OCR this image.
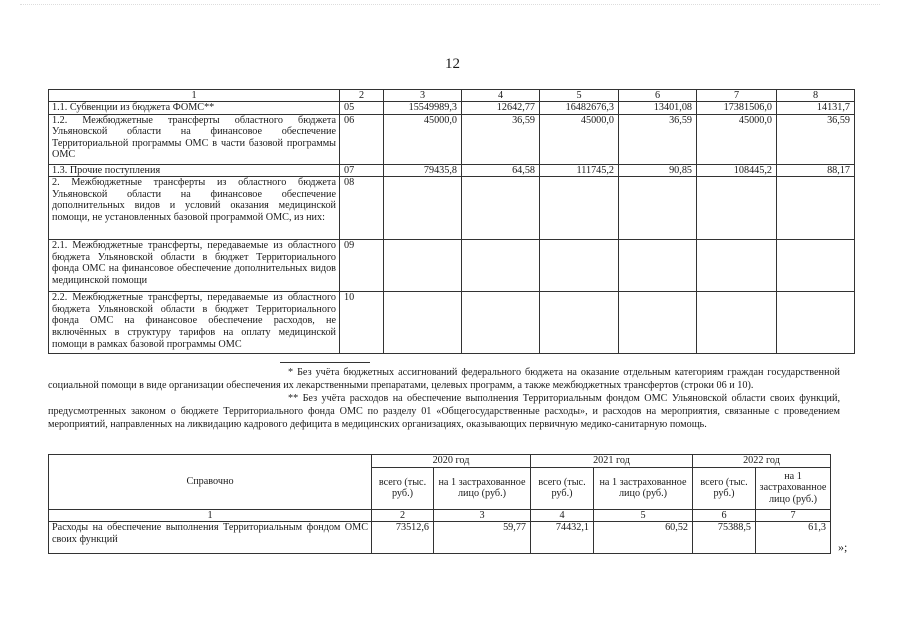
12
1	2	3	4	5	6	7	8
1.1. Субвенции из бюджета ФОМС**	05	15549989,3	12642,77	16482676,3	13401,08	17381506,0	14131,7
1.2. Межбюджетные трансферты областного бюджета Ульяновской области на финансовое обеспечение Территориальной программы ОМС в части базовой программы ОМС	06	45000,0	36,59	45000,0	36,59	45000,0	36,59
1.3. Прочие поступления	07	79435,8	64,58	111745,2	90,85	108445,2	88,17
2. Межбюджетные трансферты из областного бюджета Ульяновской области на финансовое обеспечение дополнительных видов и условий оказания медицинской помощи, не установленных базовой программой ОМС, из них:	08						
2.1. Межбюджетные трансферты, передаваемые из областного бюджета Ульяновской области в бюджет Территориального фонда ОМС на финансовое обеспечение дополнительных видов медицинской помощи	09						
2.2. Межбюджетные трансферты, передаваемые из областного бюджета Ульяновской области в бюджет Территориального фонда ОМС на финансовое обеспечение расходов, не включённых в структуру тарифов на оплату медицинской помощи в рамках базовой программы ОМС	10						

* Без учёта бюджетных ассигнований федерального бюджета на оказание отдельным категориям граждан государственной социальной помощи в виде организации обеспечения их лекарственными препаратами, целевых программ, а также межбюджетных трансфертов (строки 06 и 10).

** Без учёта расходов на обеспечение выполнения Территориальным фондом ОМС Ульяновской области своих функций, предусмотренных законом о бюджете Территориального фонда ОМС по разделу 01 «Общегосударственные расходы», и расходов на мероприятия, связанные с проведением мероприятий, направленных на ликвидацию кадрового дефицита в медицинских организациях, оказывающих первичную медико-санитарную помощь.

Справочно	2020 год		2021 год		2022 год	
	всего (тыс. руб.)	на 1 застрахованное лицо (руб.)	всего (тыс. руб.)	на 1 застрахованное лицо (руб.)	всего (тыс. руб.)	на 1 застрахованное лицо (руб.)
1	2	3	4	5	6	7
Расходы на обеспечение выполнения Территориальным фондом ОМС своих функций	73512,6	59,77	74432,1	60,52	75388,5	61,3
»;
